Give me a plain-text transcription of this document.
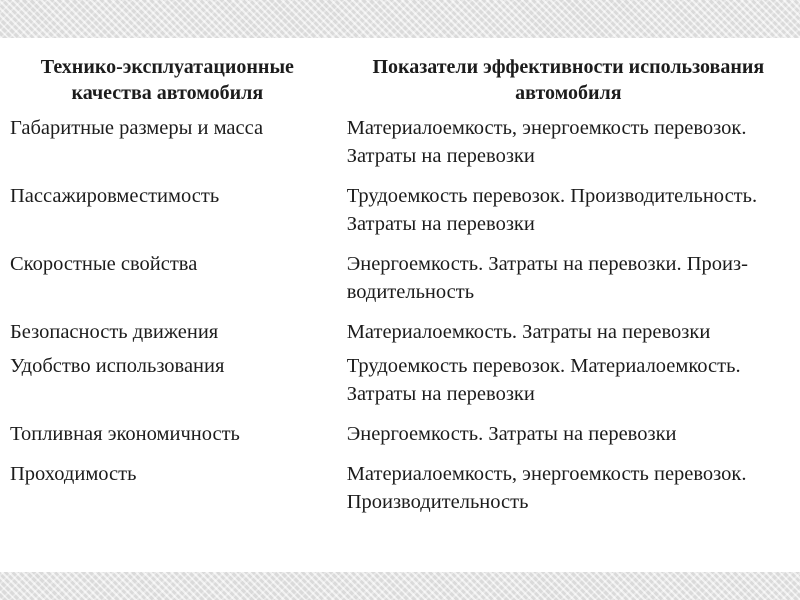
Технико-эксплуатационные качества автомобиля	Показатели эффективности использования автомобиля
Габаритные размеры и масса	Материалоемкость, энергоемкость перевозок. Затраты на перевозки
Пассажировместимость	Трудоемкость перевозок. Производительность. Затраты на перевозки
Скоростные свойства	Энергоемкость. Затраты на перевозки. Произ-водительность
Безопасность движения	Материалоемкость. Затраты на перевозки
Удобство использования	Трудоемкость перевозок. Материалоемкость. Затраты на перевозки
Топливная экономичность	Энергоемкость. Затраты на перевозки
Проходимость	Материалоемкость, энергоемкость перевозок. Производительность
